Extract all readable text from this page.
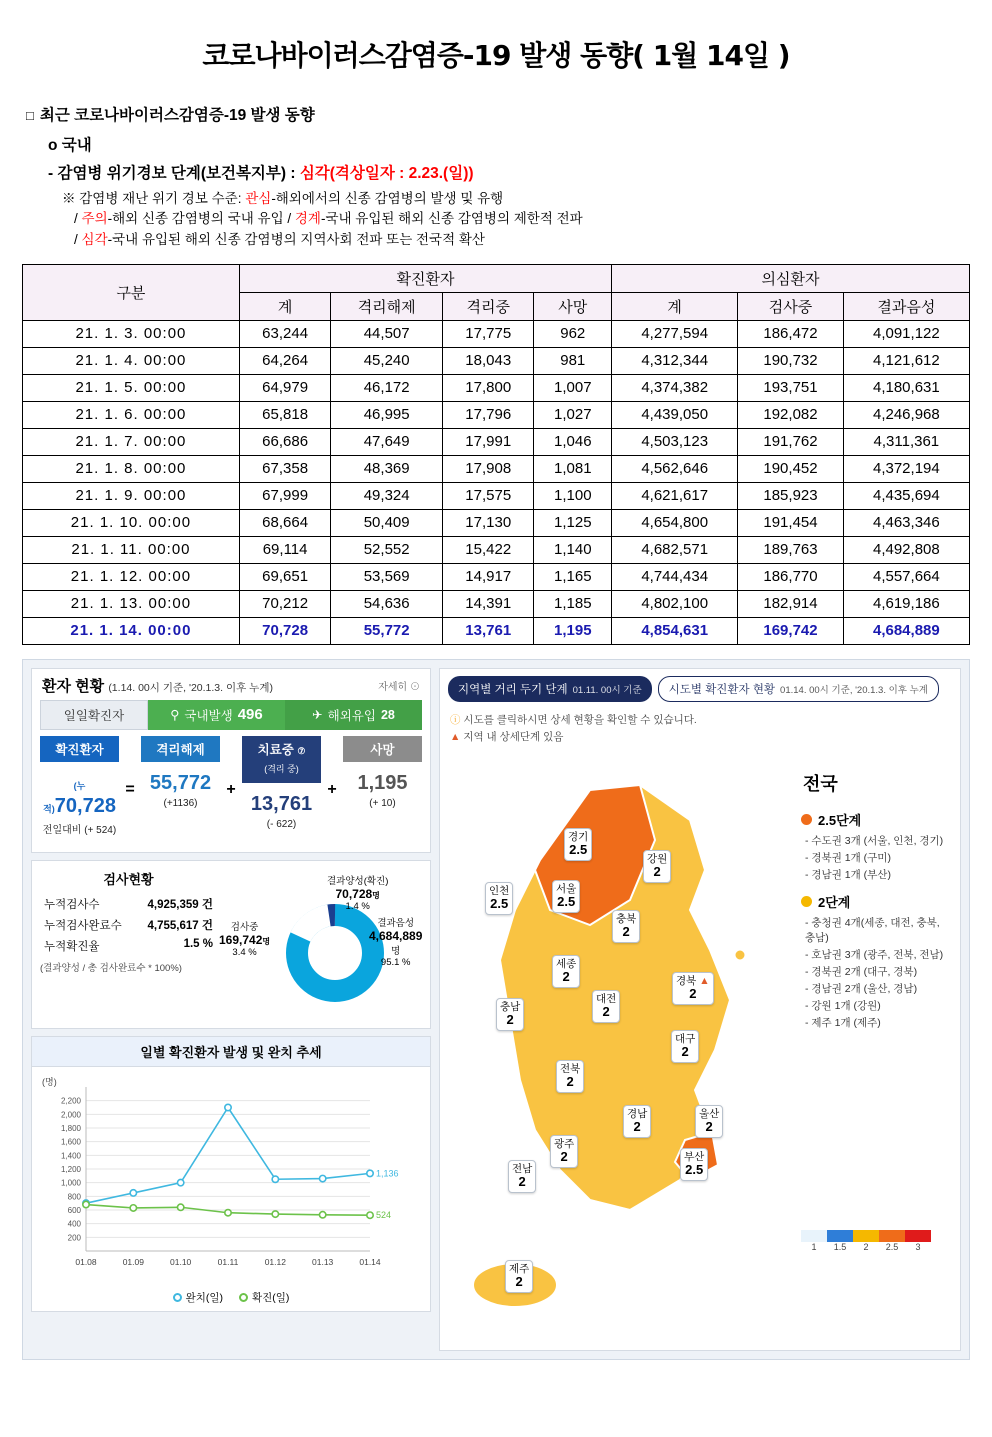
코로나바이러스감염증-19 발생 동향( 1월 14일 )
□ 최근 코로나바이러스감염증-19 발생 동향
o 국내
- 감염병 위기경보 단계(보건복지부) : 심각(격상일자 : 2.23.(일))
※ 감염병 재난 위기 경보 수준: 관심-해외에서의 신종 감염병의 발생 및 유행
/ 주의-해외 신종 감염병의 국내 유입 / 경계-국내 유입된 해외 신종 감염병의 제한적 전파
/ 심각-국내 유입된 해외 신종 감염병의 지역사회 전파 또는 전국적 확산
구분	확진환자				의심환자		
	계	격리해제	격리중	사망	계	검사중	결과음성
21. 1. 3. 00:00	63,244	44,507	17,775	962	4,277,594	186,472	4,091,122
21. 1. 4. 00:00	64,264	45,240	18,043	981	4,312,344	190,732	4,121,612
21. 1. 5. 00:00	64,979	46,172	17,800	1,007	4,374,382	193,751	4,180,631
21. 1. 6. 00:00	65,818	46,995	17,796	1,027	4,439,050	192,082	4,246,968
21. 1. 7. 00:00	66,686	47,649	17,991	1,046	4,503,123	191,762	4,311,361
21. 1. 8. 00:00	67,358	48,369	17,908	1,081	4,562,646	190,452	4,372,194
21. 1. 9. 00:00	67,999	49,324	17,575	1,100	4,621,617	185,923	4,435,694
21. 1. 10. 00:00	68,664	50,409	17,130	1,125	4,654,800	191,454	4,463,346
21. 1. 11. 00:00	69,114	52,552	15,422	1,140	4,682,571	189,763	4,492,808
21. 1. 12. 00:00	69,651	53,569	14,917	1,165	4,744,434	186,770	4,557,664
21. 1. 13. 00:00	70,212	54,636	14,391	1,185	4,802,100	182,914	4,619,186
21. 1. 14. 00:00	70,728	55,772	13,761	1,195	4,854,631	169,742	4,684,889
환자 현황 (1.14. 00시 기준, '20.1.3. 이후 누계)	자세히 ⊙
일일확진자	⚲ 국내발생 496	✈ 해외유입 28
확진환자
(누적)70,728
전일대비 (+ 524)
=
격리해제
55,772
(+1136)
+
치료중 ⑦
(격리 중)
13,761
(- 622)
+
사망
1,195
(+ 10)
검사현황
누적검사수	4,925,359 건
누적검사완료수 4,755,617 건
누적확진율	1.5 %
(결과양성 / 총 검사완료수 * 100%)
결과양성(확진)
70,728명
1.4 %
검사중
169,742명
3.4 %
결과음성
4,684,889
명
95.1 %
일별 확진환자 발생 및 완치 추세
(명)
200
400
600
800
1,000
1,200
1,400
1,600
1,800
2,000
2,200
01.08	01.09	01.10	01.11	01.12	01.13	01.14
1,136
524
완치(일)	확진(일)
지역별 거리 두기 단계 01.11. 00시 기준 시도별 확진환자 현황 01.14. 00시 기준, '20.1.3. 이후 누계
ⓘ 시도를 클릭하시면 상세 현황을 확인할 수 있습니다.
▲ 지역 내 상세단계 있음
경기
2.5
강원
2
인천
2.5
서울
2.5
충북
2
세종
2	경북 ▲
2
충남
2
대전
2
대구
2
전북
2
경남
2
울산
2
광주
2	부산
2.5
전남
2
제주
2
전국
2.5단계
- 수도권 3개 (서울, 인천, 경기)
- 경북권 1개 (구미)
- 경남권 1개 (부산)
2단계
- 충청권 4개(세종, 대전, 충북, 충남)
- 호남권 3개 (광주, 전북, 전남)
- 경북권 2개 (대구, 경북)
- 경남권 2개 (울산, 경남)
- 강원 1개 (강원)
- 제주 1개 (제주)
1	1.5	2	2.5	3
